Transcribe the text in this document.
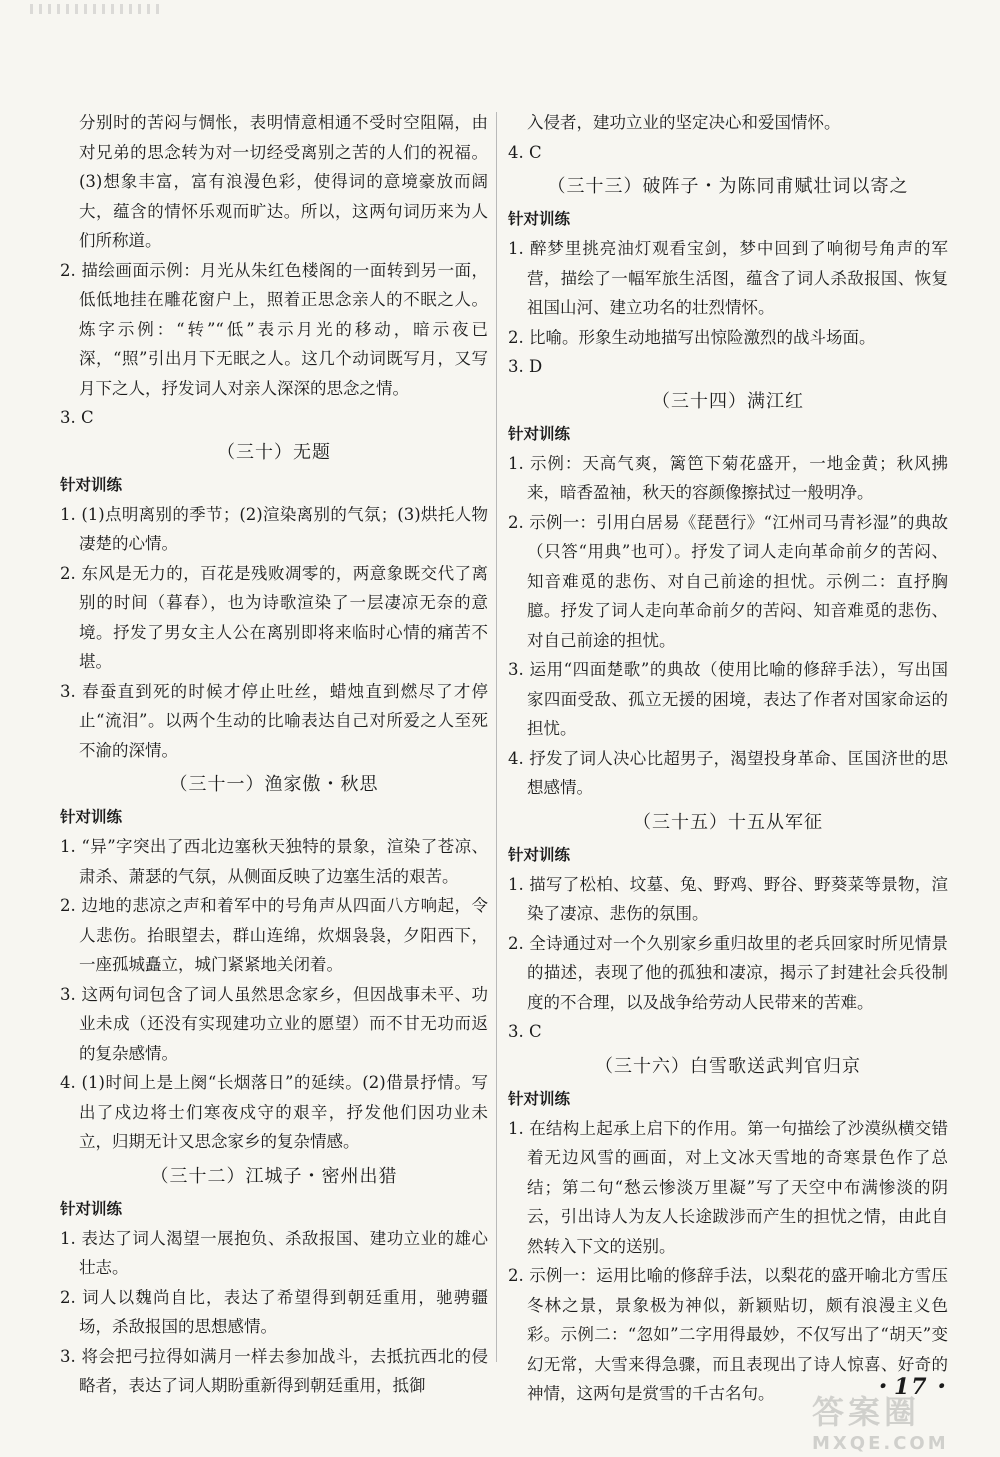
分别时的苦闷与惆怅，表明情意相通不受时空阻隔，由对兄弟的思念转为对一切经受离别之苦的人们的祝福。(3)想象丰富，富有浪漫色彩，使得词的意境豪放而阔大，蕴含的情怀乐观而旷达。所以，这两句词历来为人们所称道。

2. 描绘画面示例：月光从朱红色楼阁的一面转到另一面，低低地挂在雕花窗户上，照着正思念亲人的不眠之人。炼字示例：“转”“低”表示月光的移动，暗示夜已深，“照”引出月下无眠之人。这几个动词既写月，又写月下之人，抒发词人对亲人深深的思念之情。

3. C

（三十）无题

针对训练

1. (1)点明离别的季节；(2)渲染离别的气氛；(3)烘托人物凄楚的心情。

2. 东风是无力的，百花是残败凋零的，两意象既交代了离别的时间（暮春），也为诗歌渲染了一层凄凉无奈的意境。抒发了男女主人公在离别即将来临时心情的痛苦不堪。

3. 春蚕直到死的时候才停止吐丝，蜡烛直到燃尽了才停止“流泪”。以两个生动的比喻表达自己对所爱之人至死不渝的深情。

（三十一）渔家傲・秋思

针对训练

1. “异”字突出了西北边塞秋天独特的景象，渲染了苍凉、肃杀、萧瑟的气氛，从侧面反映了边塞生活的艰苦。

2. 边地的悲凉之声和着军中的号角声从四面八方响起，令人悲伤。抬眼望去，群山连绵，炊烟袅袅，夕阳西下，一座孤城矗立，城门紧紧地关闭着。

3. 这两句词包含了词人虽然思念家乡，但因战事未平、功业未成（还没有实现建功立业的愿望）而不甘无功而返的复杂感情。

4. (1)时间上是上阕“长烟落日”的延续。(2)借景抒情。写出了戍边将士们寒夜戍守的艰辛，抒发他们因功业未立，归期无计又思念家乡的复杂情感。

（三十二）江城子・密州出猎

针对训练

1. 表达了词人渴望一展抱负、杀敌报国、建功立业的雄心壮志。

2. 词人以魏尚自比，表达了希望得到朝廷重用，驰骋疆场，杀敌报国的思想感情。

3. 将会把弓拉得如满月一样去参加战斗，去抵抗西北的侵略者，表达了词人期盼重新得到朝廷重用，抵御

入侵者，建功立业的坚定决心和爱国情怀。

4. C

（三十三）破阵子・为陈同甫赋壮词以寄之

针对训练

1. 醉梦里挑亮油灯观看宝剑，梦中回到了响彻号角声的军营，描绘了一幅军旅生活图，蕴含了词人杀敌报国、恢复祖国山河、建立功名的壮烈情怀。

2. 比喻。形象生动地描写出惊险激烈的战斗场面。

3. D

（三十四）满江红

针对训练

1. 示例：天高气爽，篱笆下菊花盛开，一地金黄；秋风拂来，暗香盈袖，秋天的容颜像擦拭过一般明净。

2. 示例一：引用白居易《琵琶行》“江州司马青衫湿”的典故（只答“用典”也可）。抒发了词人走向革命前夕的苦闷、知音难觅的悲伤、对自己前途的担忧。示例二：直抒胸臆。抒发了词人走向革命前夕的苦闷、知音难觅的悲伤、对自己前途的担忧。

3. 运用“四面楚歌”的典故（使用比喻的修辞手法），写出国家四面受敌、孤立无援的困境，表达了作者对国家命运的担忧。

4. 抒发了词人决心比超男子，渴望投身革命、匡国济世的思想感情。

（三十五）十五从军征

针对训练

1. 描写了松柏、坟墓、兔、野鸡、野谷、野葵菜等景物，渲染了凄凉、悲伤的氛围。

2. 全诗通过对一个久别家乡重归故里的老兵回家时所见情景的描述，表现了他的孤独和凄凉，揭示了封建社会兵役制度的不合理，以及战争给劳动人民带来的苦难。

3. C

（三十六）白雪歌送武判官归京

针对训练

1. 在结构上起承上启下的作用。第一句描绘了沙漠纵横交错着无边风雪的画面，对上文冰天雪地的奇寒景色作了总结；第二句“愁云惨淡万里凝”写了天空中布满惨淡的阴云，引出诗人为友人长途跋涉而产生的担忧之情，由此自然转入下文的送别。

2. 示例一：运用比喻的修辞手法，以梨花的盛开喻北方雪压冬林之景，景象极为神似，新颖贴切，颇有浪漫主义色彩。示例二：“忽如”二字用得最妙，不仅写出了“胡天”变幻无常，大雪来得急骤，而且表现出了诗人惊喜、好奇的神情，这两句是赏雪的千古名句。	・17・
答案圈
MXQE.COM
